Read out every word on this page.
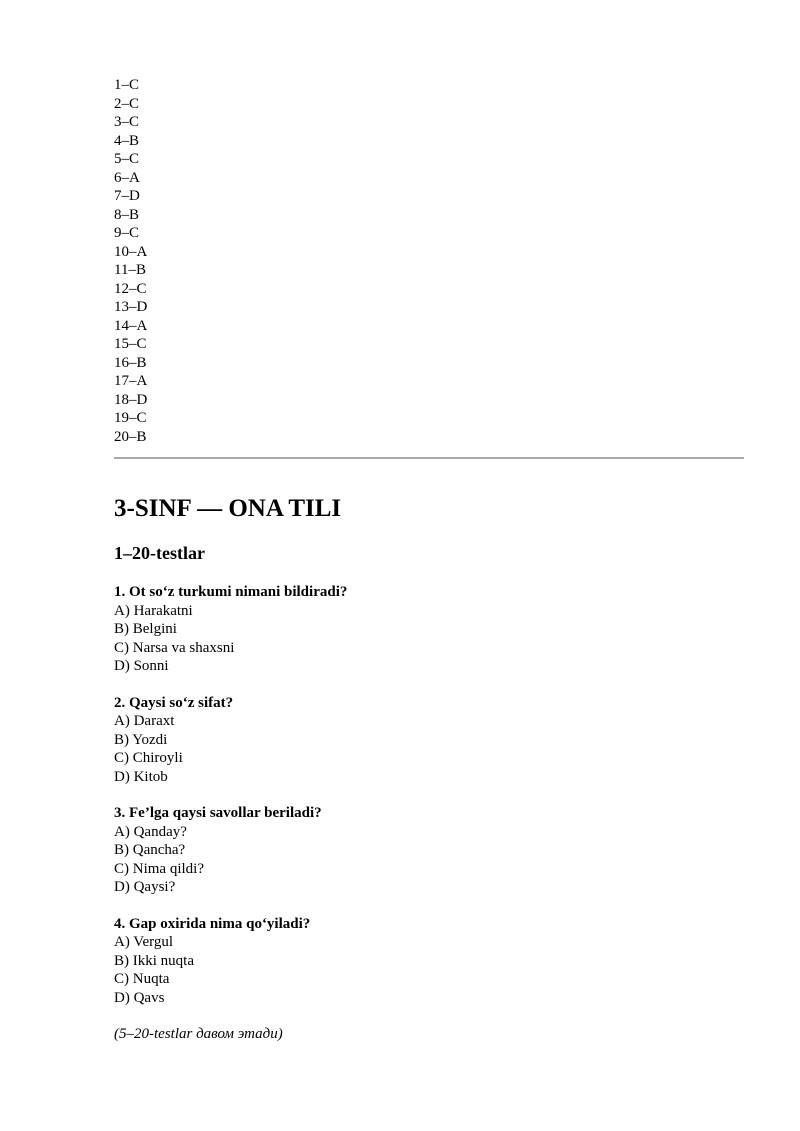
1–C
2–C
3–C
4–B
5–C
6–A
7–D
8–B
9–C
10–A
11–B
12–C
13–D
14–A
15–C
16–B
17–A
18–D
19–C
20–B
3-SINF — ONA TILI
1–20-testlar
1. Ot so‘z turkumi nimani bildiradi?
A) Harakatni
B) Belgini
C) Narsa va shaxsni
D) Sonni
2. Qaysi so‘z sifat?
A) Daraxt
B) Yozdi
C) Chiroyli
D) Kitob
3. Fe’lga qaysi savollar beriladi?
A) Qanday?
B) Qancha?
C) Nima qildi?
D) Qaysi?
4. Gap oxirida nima qo‘yiladi?
A) Vergul
B) Ikki nuqta
C) Nuqta
D) Qavs
(5–20-testlar давом этади)
